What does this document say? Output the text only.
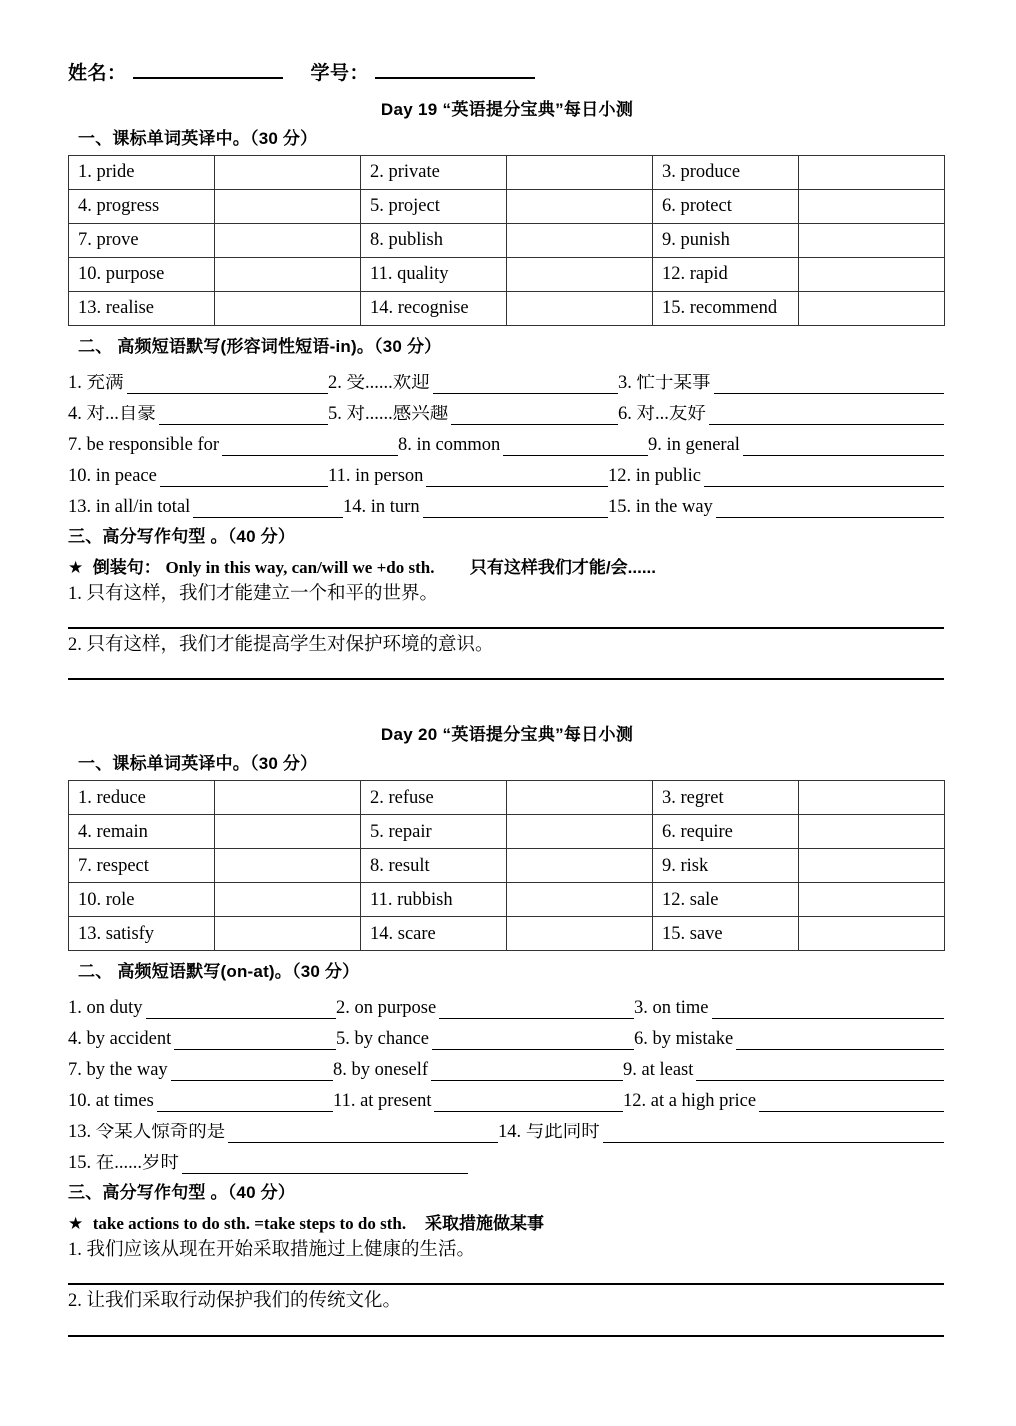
姓名：	学号：
Day 19 “英语提分宝典”每日小测
一、课标单词英译中。（30 分）
1. pride		2. private		3. produce	
4. progress		5. project		6. protect	
7. prove		8. publish		9. punish	
10. purpose		11. quality		12. rapid	
13. realise		14. recognise		15. recommend	
二、 高频短语默写(形容词性短语-in)。（30 分）
1. 充满	2. 受......欢迎	3. 忙于某事
4. 对...自豪	5. 对......感兴趣	6. 对...友好
7. be responsible for	8. in common	9. in general
10. in peace	11. in person	12. in public
13. in all/in total	14. in turn	15. in the way
三、高分写作句型 。（40 分）
★ 倒装句： Only in this way, can/will we +do sth. 只有这样我们才能/会......
1. 只有这样，我们才能建立一个和平的世界。
2. 只有这样，我们才能提高学生对保护环境的意识。
Day 20 “英语提分宝典”每日小测
一、课标单词英译中。（30 分）
1. reduce		2. refuse		3. regret	
4. remain		5. repair		6. require	
7. respect		8. result		9. risk	
10. role		11. rubbish		12. sale	
13. satisfy		14. scare		15. save	
二、 高频短语默写(on-at)。（30 分）
1. on duty	2. on purpose	3. on time
4. by accident	5. by chance	6. by mistake
7. by the way	8. by oneself	9. at least
10. at times	11. at present	12. at a high price
13. 令某人惊奇的是	14. 与此同时
15. 在......岁时
三、高分写作句型 。（40 分）
★ take actions to do sth. =take steps to do sth. 采取措施做某事
1. 我们应该从现在开始采取措施过上健康的生活。
2. 让我们采取行动保护我们的传统文化。
